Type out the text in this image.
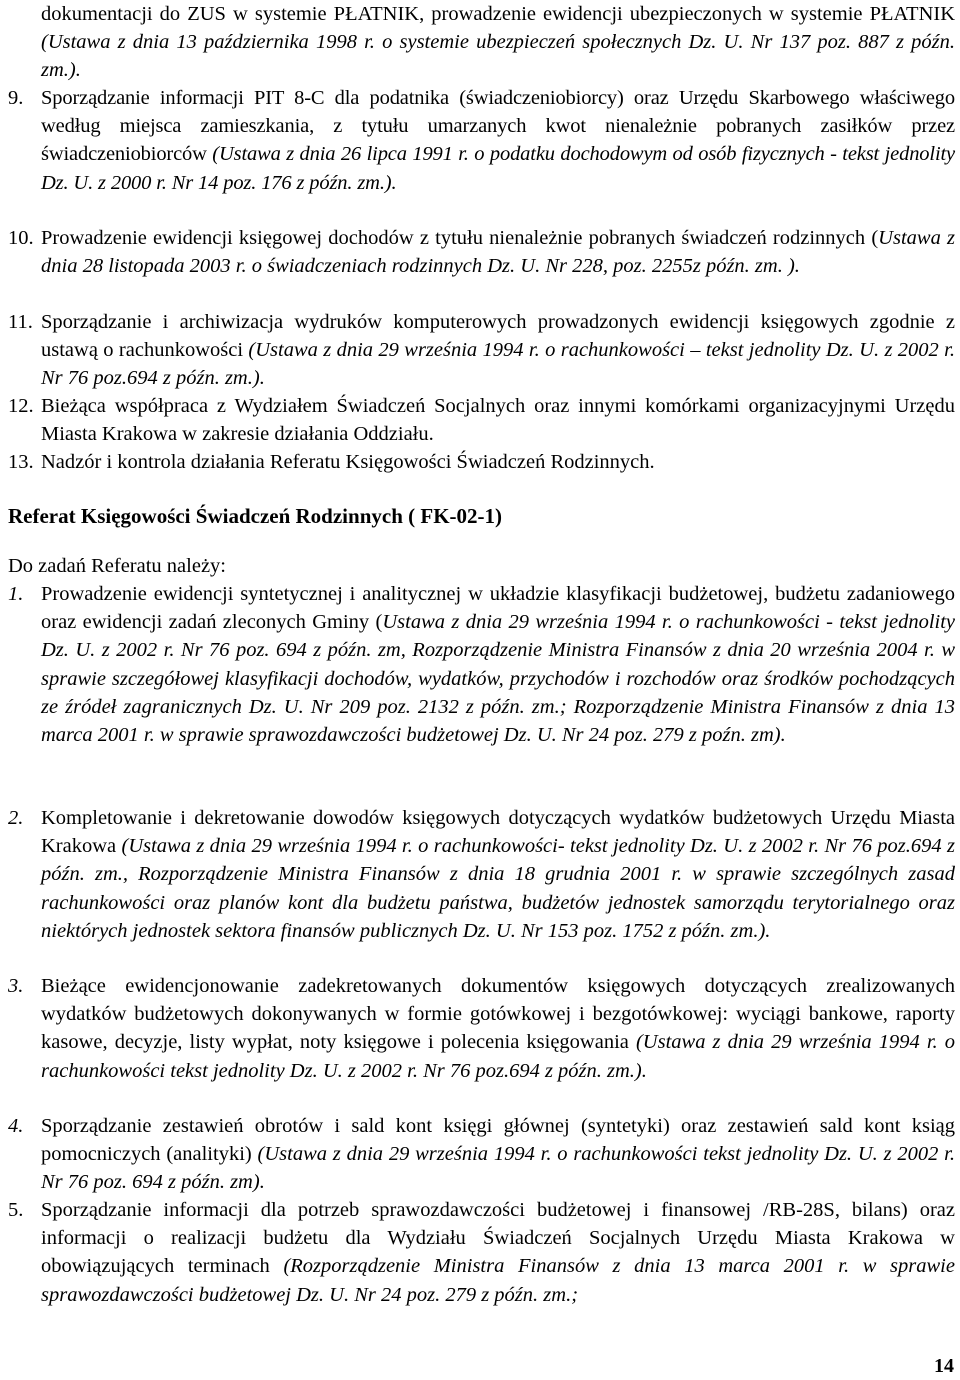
dokumentacji do ZUS w systemie PŁATNIK, prowadzenie ewidencji ubezpieczonych w systemie PŁATNIK (Ustawa z dnia 13 października 1998 r. o systemie ubezpieczeń społecznych Dz. U. Nr 137 poz. 887 z późn. zm.).
9. Sporządzanie informacji PIT 8-C dla podatnika (świadczeniobiorcy) oraz Urzędu Skarbowego właściwego według miejsca zamieszkania, z tytułu umarzanych kwot nienależnie pobranych zasiłków przez świadczeniobiorców (Ustawa z dnia 26 lipca 1991 r. o podatku dochodowym od osób fizycznych - tekst jednolity Dz. U. z 2000 r. Nr 14 poz. 176 z późn. zm.).
10. Prowadzenie ewidencji księgowej dochodów z tytułu nienależnie pobranych świadczeń rodzinnych (Ustawa z dnia 28 listopada 2003 r. o świadczeniach rodzinnych Dz. U. Nr 228, poz. 2255z późn. zm. ).
11. Sporządzanie i archiwizacja wydruków komputerowych prowadzonych ewidencji księgowych zgodnie z ustawą o rachunkowości (Ustawa z dnia 29 września 1994 r. o rachunkowości – tekst jednolity Dz. U. z 2002 r. Nr 76 poz.694 z późn. zm.).
12. Bieżąca współpraca z Wydziałem Świadczeń Socjalnych oraz innymi komórkami organizacyjnymi Urzędu Miasta Krakowa w zakresie działania Oddziału.
13. Nadzór i kontrola działania Referatu Księgowości Świadczeń Rodzinnych.
Referat Księgowości Świadczeń Rodzinnych ( FK-02-1)
Do zadań Referatu należy:
1. Prowadzenie ewidencji syntetycznej i analitycznej w układzie klasyfikacji budżetowej, budżetu zadaniowego oraz ewidencji zadań zleconych Gminy (Ustawa z dnia 29 września 1994 r. o rachunkowości - tekst jednolity Dz. U. z 2002 r. Nr 76 poz. 694 z późn. zm, Rozporządzenie Ministra Finansów z dnia 20 września 2004 r. w sprawie szczegółowej klasyfikacji dochodów, wydatków, przychodów i rozchodów oraz środków pochodzących ze źródeł zagranicznych Dz. U. Nr 209 poz. 2132 z późn. zm.; Rozporządzenie Ministra Finansów z dnia 13 marca 2001 r. w sprawie sprawozdawczości budżetowej Dz. U. Nr 24 poz. 279 z poźn. zm).
2. Kompletowanie i dekretowanie dowodów księgowych dotyczących wydatków budżetowych Urzędu Miasta Krakowa (Ustawa z dnia 29 września 1994 r. o rachunkowości- tekst jednolity Dz. U. z 2002 r. Nr 76 poz.694 z późn. zm., Rozporządzenie Ministra Finansów z dnia 18 grudnia 2001 r. w sprawie szczególnych zasad rachunkowości oraz planów kont dla budżetu państwa, budżetów jednostek samorządu terytorialnego oraz niektórych jednostek sektora finansów publicznych Dz. U. Nr 153 poz. 1752 z późn. zm.).
3. Bieżące ewidencjonowanie zadekretowanych dokumentów księgowych dotyczących zrealizowanych wydatków budżetowych dokonywanych w formie gotówkowej i bezgotówkowej: wyciągi bankowe, raporty kasowe, decyzje, listy wypłat, noty księgowe i polecenia księgowania (Ustawa z dnia 29 września 1994 r. o rachunkowości tekst jednolity Dz. U. z 2002 r. Nr 76 poz.694 z późn. zm.).
4. Sporządzanie zestawień obrotów i sald kont księgi głównej (syntetyki) oraz zestawień sald kont ksiąg pomocniczych (analityki) (Ustawa z dnia 29 września 1994 r. o rachunkowości tekst jednolity Dz. U. z 2002 r. Nr 76 poz. 694 z późn. zm).
5. Sporządzanie informacji dla potrzeb sprawozdawczości budżetowej i finansowej /RB-28S, bilans) oraz informacji o realizacji budżetu dla Wydziału Świadczeń Socjalnych Urzędu Miasta Krakowa w obowiązujących terminach (Rozporządzenie Ministra Finansów z dnia 13 marca 2001 r. w sprawie sprawozdawczości budżetowej Dz. U. Nr 24 poz. 279 z późn. zm.;
14
